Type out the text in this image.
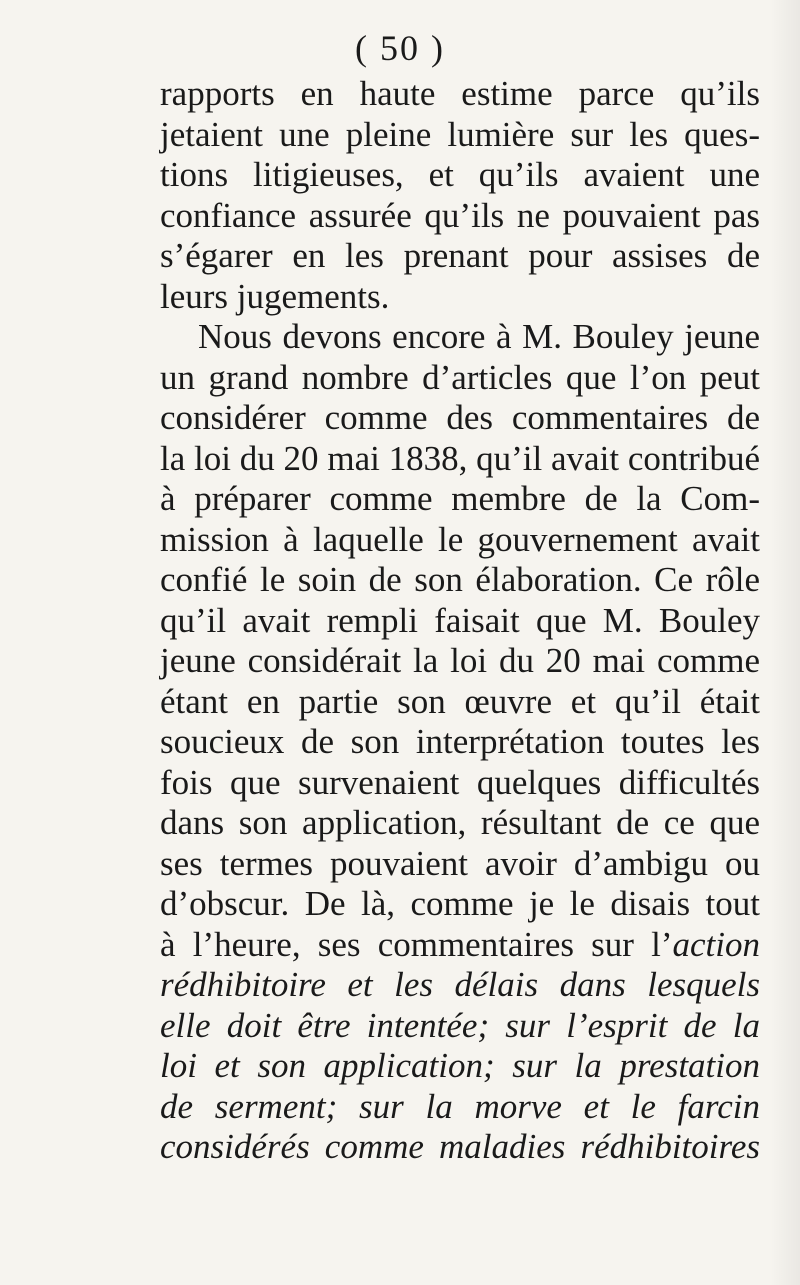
( 50 )
rapports en haute estime parce qu’ils
jetaient une pleine lumière sur les ques-
tions litigieuses, et qu’ils avaient une
confiance assurée qu’ils ne pouvaient pas
s’égarer en les prenant pour assises de
leurs jugements.
Nous devons encore à M. Bouley jeune
un grand nombre d’articles que l’on peut
considérer comme des commentaires de
la loi du 20 mai 1838, qu’il avait contribué
à préparer comme membre de la Com-
mission à laquelle le gouvernement avait
confié le soin de son élaboration. Ce rôle
qu’il avait rempli faisait que M. Bouley
jeune considérait la loi du 20 mai comme
étant en partie son œuvre et qu’il était
soucieux de son interprétation toutes les
fois que survenaient quelques difficultés
dans son application, résultant de ce que
ses termes pouvaient avoir d’ambigu ou
d’obscur. De là, comme je le disais tout
à l’heure, ses commentaires sur l’action
rédhibitoire et les délais dans lesquels
elle doit être intentée; sur l’esprit de la
loi et son application; sur la prestation
de serment; sur la morve et le farcin
considérés comme maladies rédhibitoires
